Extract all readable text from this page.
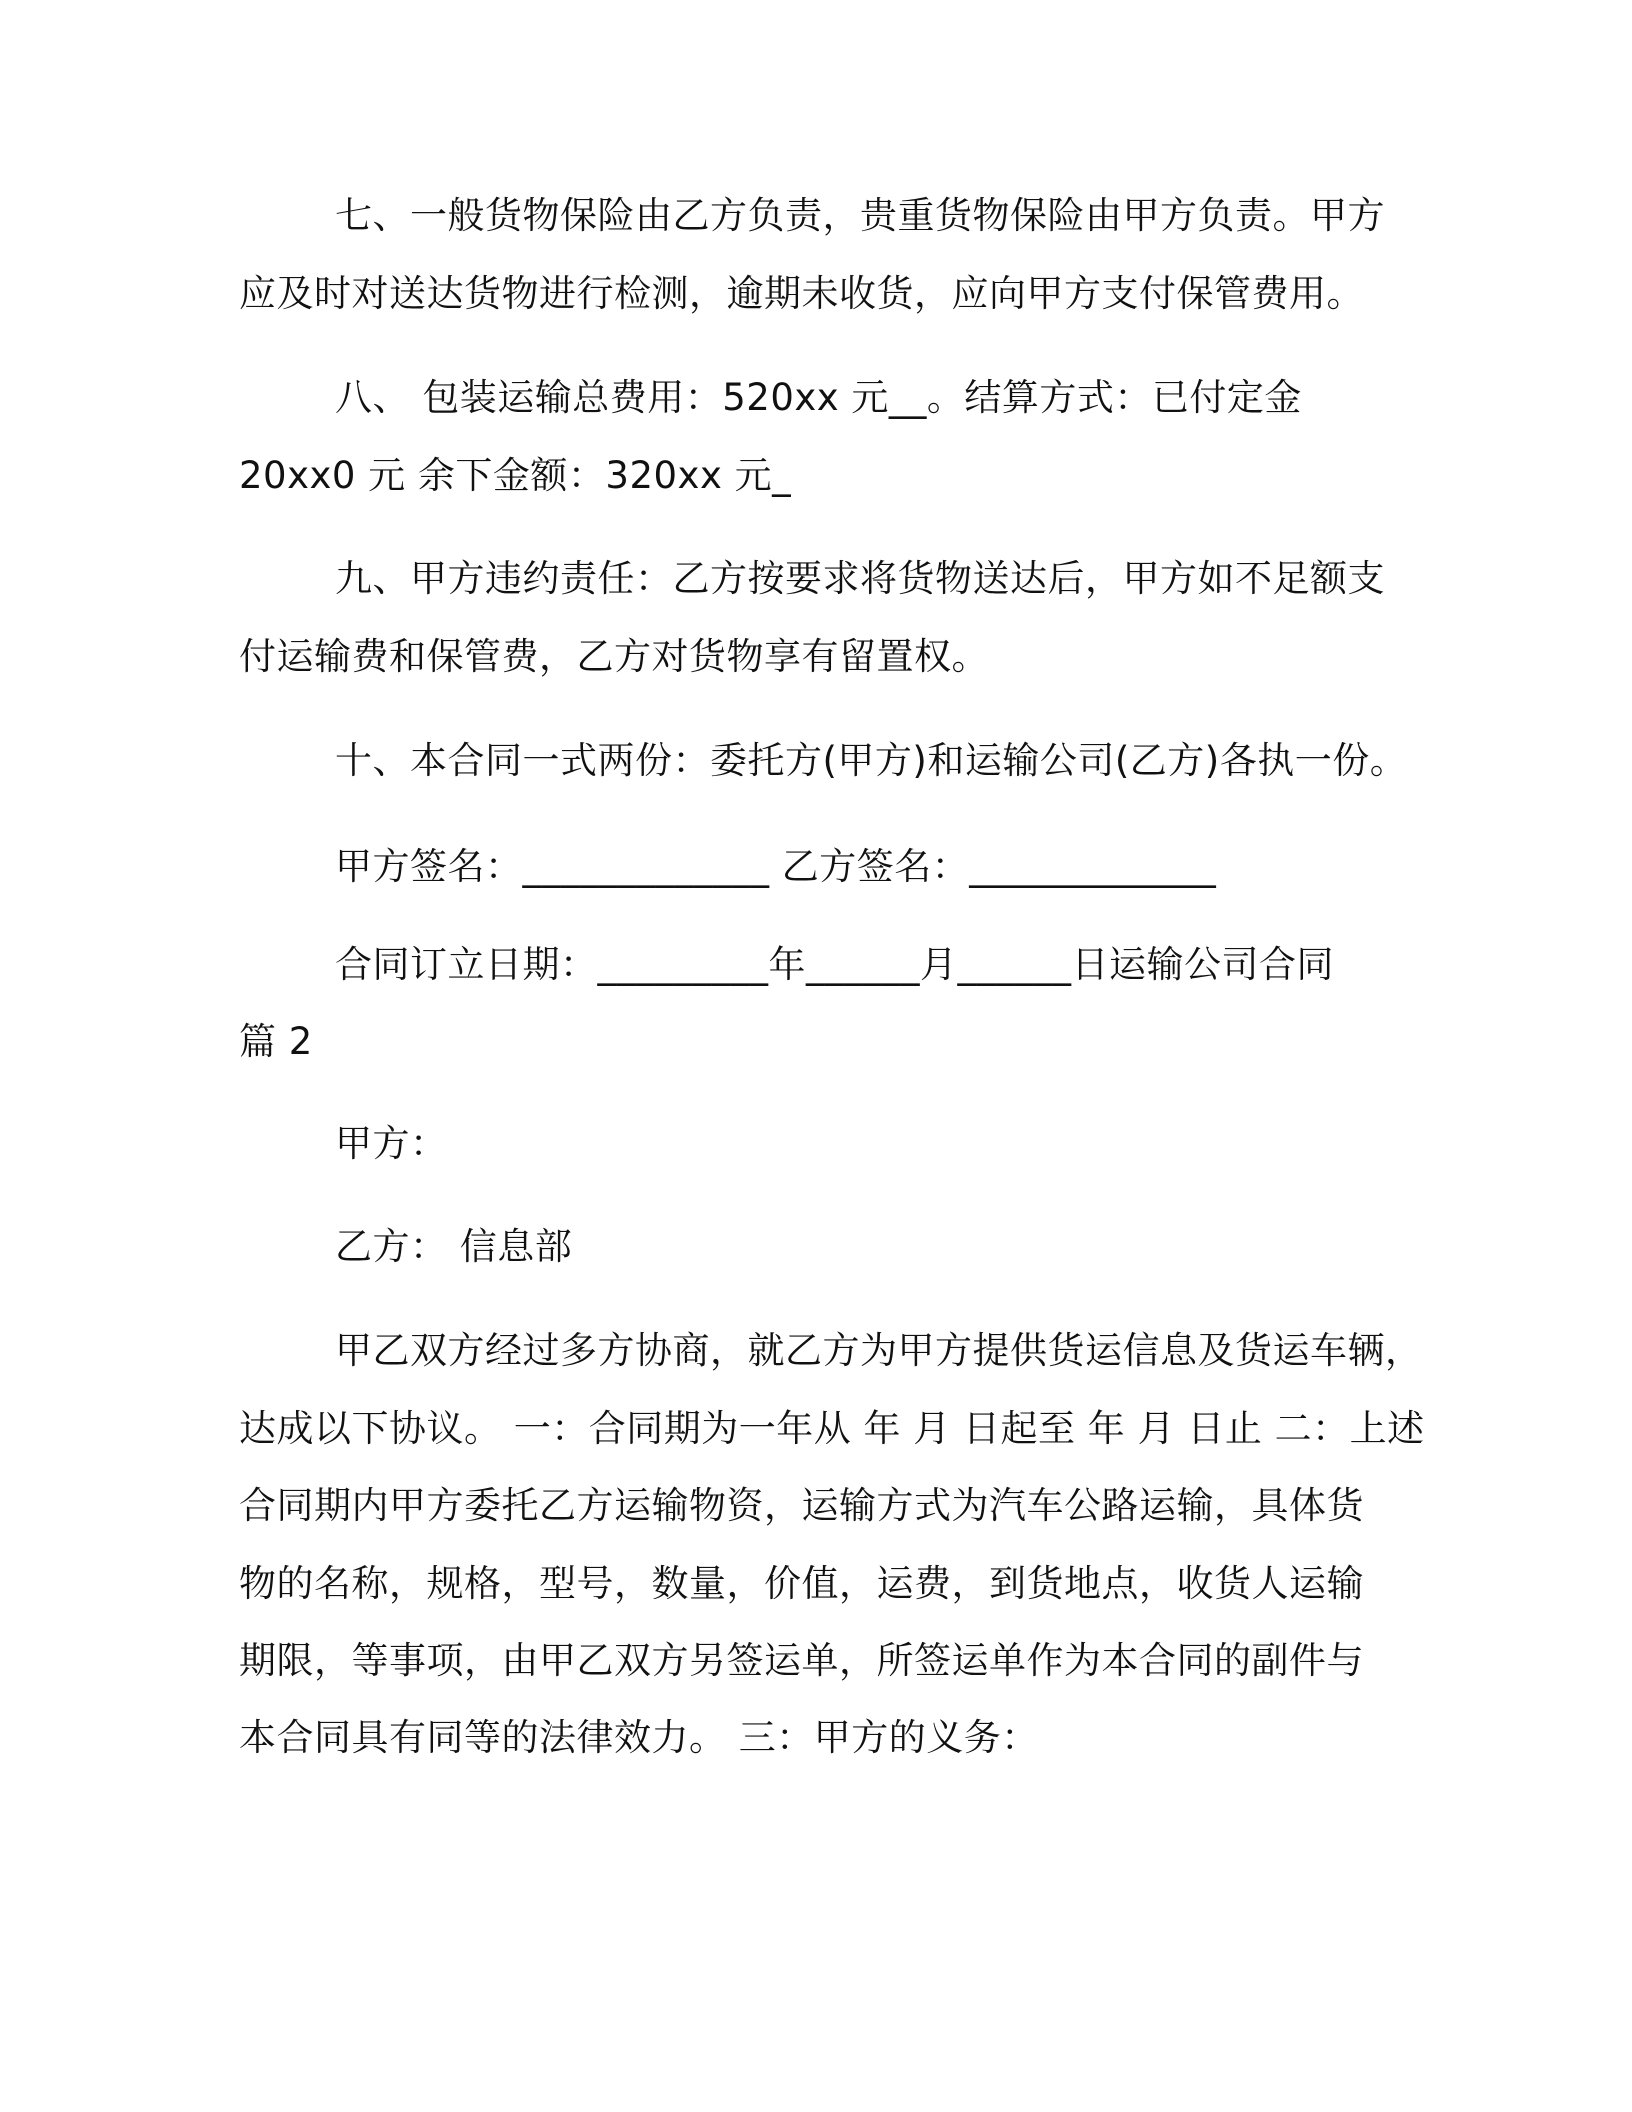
七、一般货物保险由乙方负责，贵重货物保险由甲方负责。甲方
应及时对送达货物进行检测，逾期未收货，应向甲方支付保管费用。
八、 包装运输总费用：520xx 元__。结算方式：已付定金
20xx0 元 余下金额：320xx 元_
九、甲方违约责任：乙方按要求将货物送达后，甲方如不足额支
付运输费和保管费，乙方对货物享有留置权。
十、本合同一式两份：委托方(甲方)和运输公司(乙方)各执一份。
甲方签名：_____________ 乙方签名：_____________
合同订立日期：_________年______月______日运输公司合同
篇 2
甲方：
乙方： 信息部
甲乙双方经过多方协商，就乙方为甲方提供货运信息及货运车辆，
达成以下协议。 一：合同期为一年从 年 月 日起至 年 月 日止 二：上述
合同期内甲方委托乙方运输物资，运输方式为汽车公路运输，具体货
物的名称，规格，型号，数量，价值，运费，到货地点，收货人运输
期限，等事项，由甲乙双方另签运单，所签运单作为本合同的副件与
本合同具有同等的法律效力。 三：甲方的义务：
